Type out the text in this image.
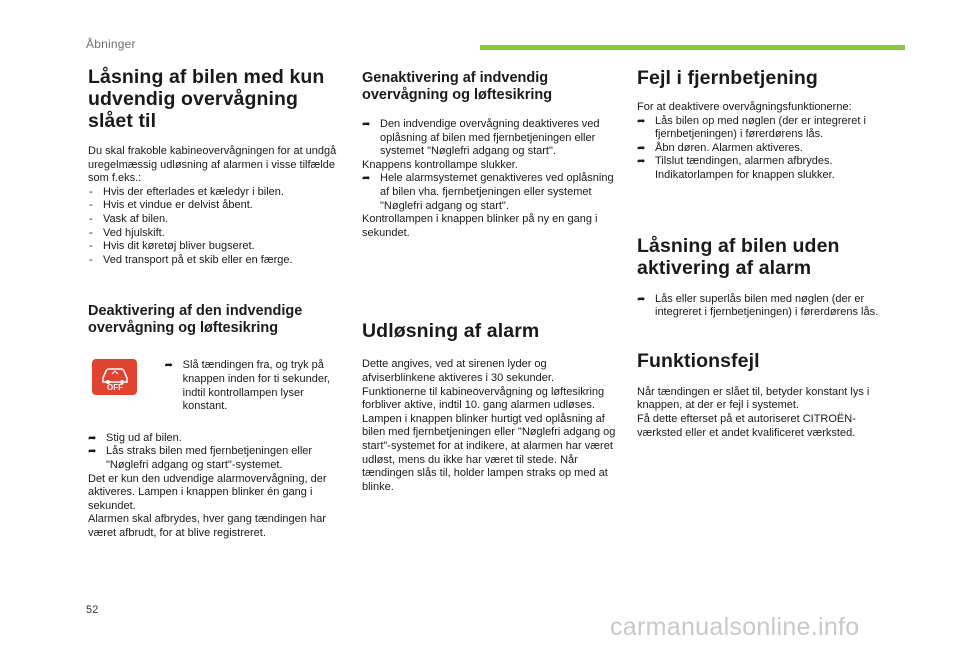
Åbninger
Låsning af bilen med kun udvendig overvågning slået til

Du skal frakoble kabineovervågningen for at undgå uregelmæssig udløsning af alarmen i visse tilfælde som f.eks.:

- Hvis der efterlades et kæledyr i bilen.
- Hvis et vindue er delvist åbent.
- Vask af bilen.
- Ved hjulskift.
- Hvis dit køretøj bliver bugseret.
- Ved transport på et skib eller en færge.
Deaktivering af den indvendige overvågning og løftesikring
OFF
➦ Slå tændingen fra, og tryk på knappen inden for ti sekunder, indtil kontrollampen lyser konstant.
➦ Stig ud af bilen.
➦ Lås straks bilen med fjernbetjeningen eller "Nøglefri adgang og start"-systemet.

Det er kun den udvendige alarmovervågning, der aktiveres. Lampen i knappen blinker én gang i sekundet.

Alarmen skal afbrydes, hver gang tændingen har været afbrudt, for at blive registreret.

Genaktivering af indvendig overvågning og løftesikring
➦ Den indvendige overvågning deaktiveres ved oplåsning af bilen med fjernbetjeningen eller systemet "Nøglefri adgang og start".

Knappens kontrollampe slukker.

➦ Hele alarmsystemet genaktiveres ved oplåsning af bilen vha. fjernbetjeningen eller systemet "Nøglefri adgang og start".

Kontrollampen i knappen blinker på ny en gang i sekundet.

Udløsning af alarm

Dette angives, ved at sirenen lyder og afviserblinkene aktiveres i 30 sekunder.

Funktionerne til kabineovervågning og løftesikring forbliver aktive, indtil 10. gang alarmen udløses.

Lampen i knappen blinker hurtigt ved oplåsning af bilen med fjernbetjeningen eller "Nøglefri adgang og start"-systemet for at indikere, at alarmen har været udløst, mens du ikke har været til stede. Når tændingen slås til, holder lampen straks op med at blinke.

Fejl i fjernbetjening

For at deaktivere overvågningsfunktionerne:

➦ Lås bilen op med nøglen (der er integreret i fjernbetjeningen) i førerdørens lås.
➦ Åbn døren. Alarmen aktiveres.
➦ Tilslut tændingen, alarmen afbrydes. Indikatorlampen for knappen slukker.
Låsning af bilen uden aktivering af alarm
➦ Lås eller superlås bilen med nøglen (der er integreret i fjernbetjeningen) i førerdørens lås.
Funktionsfejl

Når tændingen er slået til, betyder konstant lys i knappen, at der er fejl i systemet.

Få dette efterset på et autoriseret CITROËN-værksted eller et andet kvalificeret værksted.

52
carmanualsonline.info
